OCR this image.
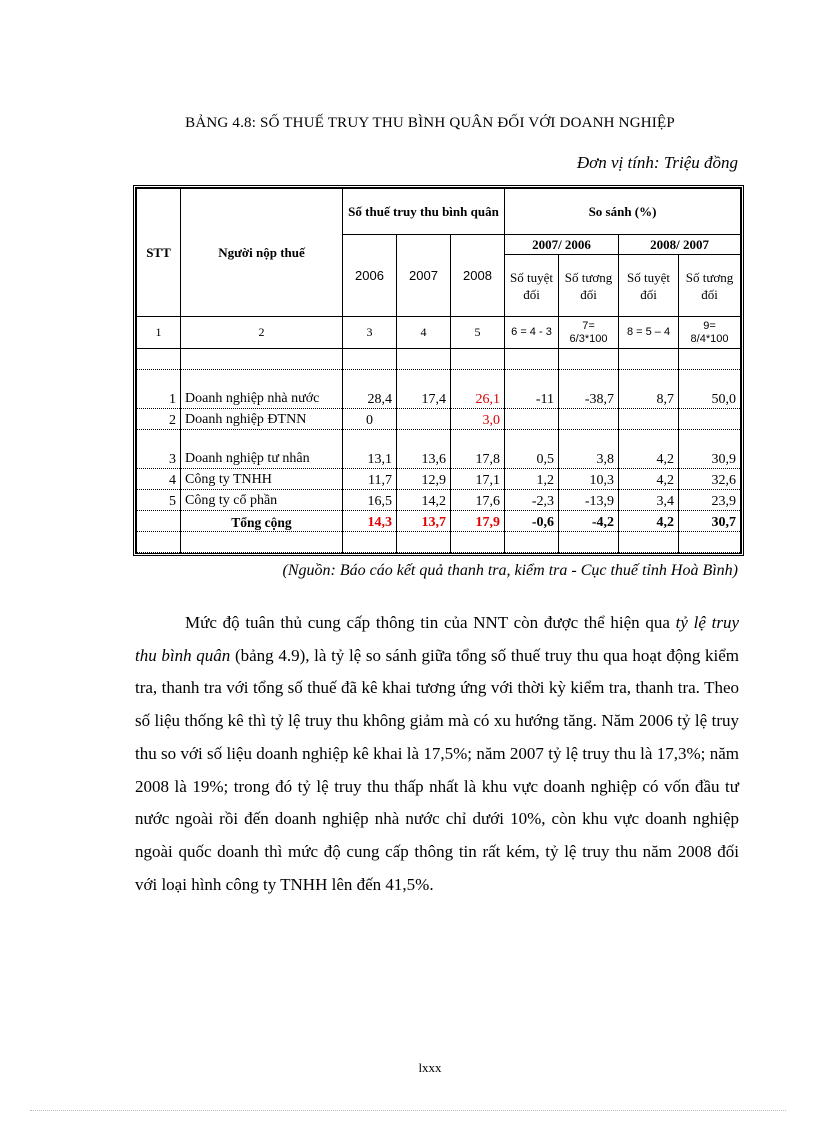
BẢNG 4.8: SỐ THUẾ TRUY THU BÌNH QUÂN ĐỐI VỚI DOANH NGHIỆP
Đơn vị tính: Triệu đồng
STT	Người nộp thuế	Số thuế truy thu bình quân			So sánh (%)			
		2006	2007	2008	2007/ 2006		2008/ 2007	
					Số tuyệt đối	Số tương đối	Số tuyệt đối	Số tương đối
1	2	3	4	5	6 = 4 - 3	7= 6/3*100	8 = 5 – 4	9= 8/4*100

1	Doanh nghiệp nhà nước	28,4	17,4	26,1	-11	-38,7	8,7	50,0
2	Doanh nghiệp ĐTNN	0		3,0				
3	Doanh nghiệp tư nhân	13,1	13,6	17,8	0,5	3,8	4,2	30,9
4	Công ty TNHH	11,7	12,9	17,1	1,2	10,3	4,2	32,6
5	Công ty cổ phần	16,5	14,2	17,6	-2,3	-13,9	3,4	23,9
	Tổng cộng	14,3	13,7	17,9	-0,6	-4,2	4,2	30,7

(Nguồn: Báo cáo kết quả thanh tra, kiểm tra - Cục thuế tỉnh Hoà Bình)

Mức độ tuân thủ cung cấp thông tin của NNT còn được thể hiện qua tỷ lệ truy thu bình quân (bảng 4.9), là tỷ lệ so sánh giữa tổng số thuế truy thu qua hoạt động kiểm tra, thanh tra với tổng số thuế đã kê khai tương ứng với thời kỳ kiểm tra, thanh tra. Theo số liệu thống kê thì tỷ lệ truy thu không giảm mà có xu hướng tăng. Năm 2006 tỷ lệ truy thu so với số liệu doanh nghiệp kê khai là 17,5%; năm 2007 tỷ lệ truy thu là 17,3%; năm 2008 là 19%; trong đó tỷ lệ truy thu thấp nhất là khu vực doanh nghiệp có vốn đầu tư nước ngoài rồi đến doanh nghiệp nhà nước chỉ dưới 10%, còn khu vực doanh nghiệp ngoài quốc doanh thì mức độ cung cấp thông tin rất kém, tỷ lệ truy thu năm 2008 đối với loại hình công ty TNHH lên đến 41,5%.

lxxx
